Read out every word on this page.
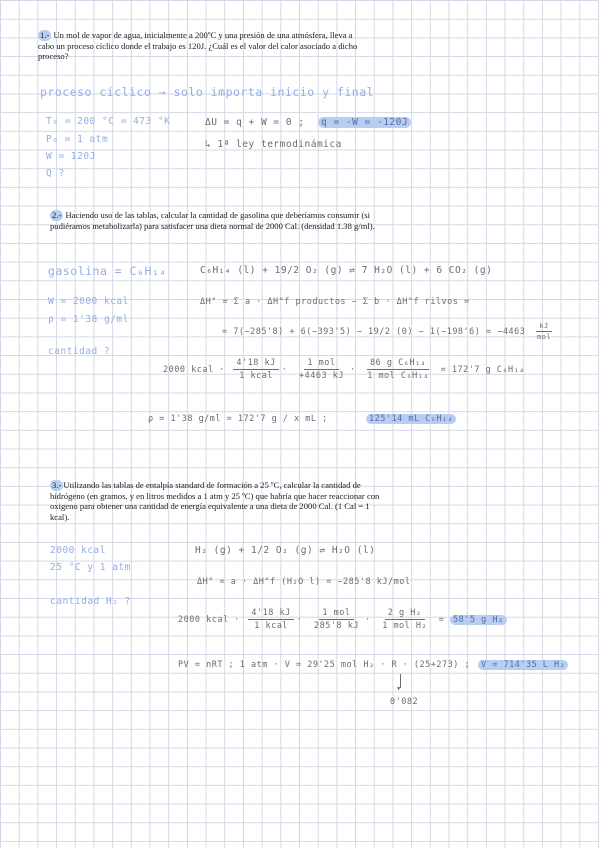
1.- Un mol de vapor de agua, inicialmente a 200ºC y una presión de una atmósfera, lleva a cabo un proceso cíclico donde el trabajo es 120J. ¿Cuál es el valor del calor asociado a dicho proceso?
proceso cíclico → solo importa inicio y final
T₀ = 200 °C = 473 °K
P₀ = 1 atm
W = 120J
Q ?
ΔU = q + W = 0 ;	q = -W = -120J
↳ 1ª ley termodinámica
2.- Haciendo uso de las tablas, calcular la cantidad de gasolina que deberíamos consumir (si pudiéramos metabolizarla) para satisfacer una dieta normal de 2000 Cal. (densidad 1.38 g/ml).
gasolina = C₆H₁₄
W = 2000 kcal
ρ = 1'38 g/ml
cantidad ?
C₆H₁₄ (l) + 19/2 O₂ (g) ⇌ 7 H₂O (l) + 6 CO₂ (g)
ΔH° = Σ a · ΔH°f productos − Σ b · ΔH°f rilvos =
= 7(−285'8) + 6(−393'5) − 19/2 $(0) - 1(-198'6) = -4463 \frac{kJ}{\text{mol}}$
2000 kcal · $\frac{4'18 kJ}{\text{1 kcal}} \cdot \frac{\text{1 mol}}{+4463 kJ} \cdot \frac{\text{86 g C₆H₁₄}}{\text{1 mol C₆H₁₄}} = 172'7$ g C₆H₁₄
ρ = 1'38 g/ml = 172'7 g / x mL ;	125'14 mL C₆H₁₄
3.- Utilizando las tablas de entalpía standard de formación a 25 ºC, calcular la cantidad de hidrógeno (en gramos, y en litros medidos a 1 atm y 25 ºC) que habría que hacer reaccionar con oxigeno para obtener una cantidad de energía equivalente a una dieta de 2000 Cal. (1 Cal = 1 kcal).
2000 kcal
25 °C y 1 atm
cantidad H₂ ?
H₂ (g) + 1/2 O₂ (g) ⇌ H₂O (l)
ΔH° = a · ΔH°f (H₂O l) = −285'8 kJ/mol
2000 kcal · $\frac{4'18 kJ}{\text{1 kcal}} \cdot \frac{\text{1 mol}}{285'8 kJ} \cdot \frac{\text{2 g H₂}}{\text{1 mol H₂}} = 58'5$ g H₂
PV = nRT ; 1 atm · V = 29'25 mol H₂ · R · (25+273) ;	V = 714'35 L H₂
▾
0'082
